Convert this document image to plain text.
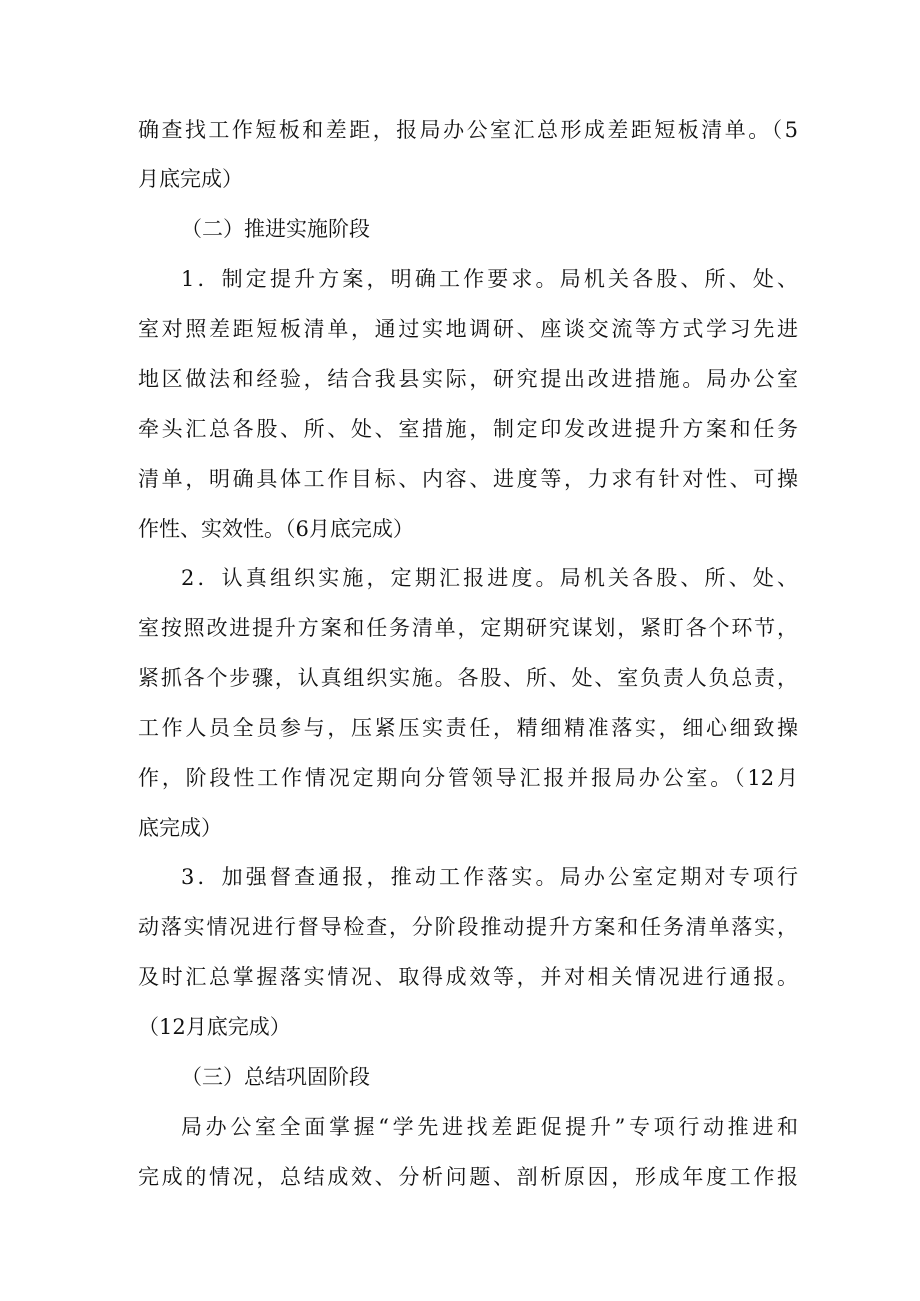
确查找工作短板和差距，报局办公室汇总形成差距短板清单。（5
月底完成）
（二）推进实施阶段
1．制定提升方案，明确工作要求。局机关各股、所、处、
室对照差距短板清单，通过实地调研、座谈交流等方式学习先进
地区做法和经验，结合我县实际，研究提出改进措施。局办公室
牵头汇总各股、所、处、室措施，制定印发改进提升方案和任务
清单，明确具体工作目标、内容、进度等，力求有针对性、可操
作性、实效性。（6月底完成）
2．认真组织实施，定期汇报进度。局机关各股、所、处、
室按照改进提升方案和任务清单，定期研究谋划，紧盯各个环节，
紧抓各个步骤，认真组织实施。各股、所、处、室负责人负总责，
工作人员全员参与，压紧压实责任，精细精准落实，细心细致操
作，阶段性工作情况定期向分管领导汇报并报局办公室。（12月
底完成）
3．加强督查通报，推动工作落实。局办公室定期对专项行
动落实情况进行督导检查，分阶段推动提升方案和任务清单落实，
及时汇总掌握落实情况、取得成效等，并对相关情况进行通报。
（12月底完成）
（三）总结巩固阶段
局办公室全面掌握“学先进找差距促提升”专项行动推进和
完成的情况，总结成效、分析问题、剖析原因，形成年度工作报
